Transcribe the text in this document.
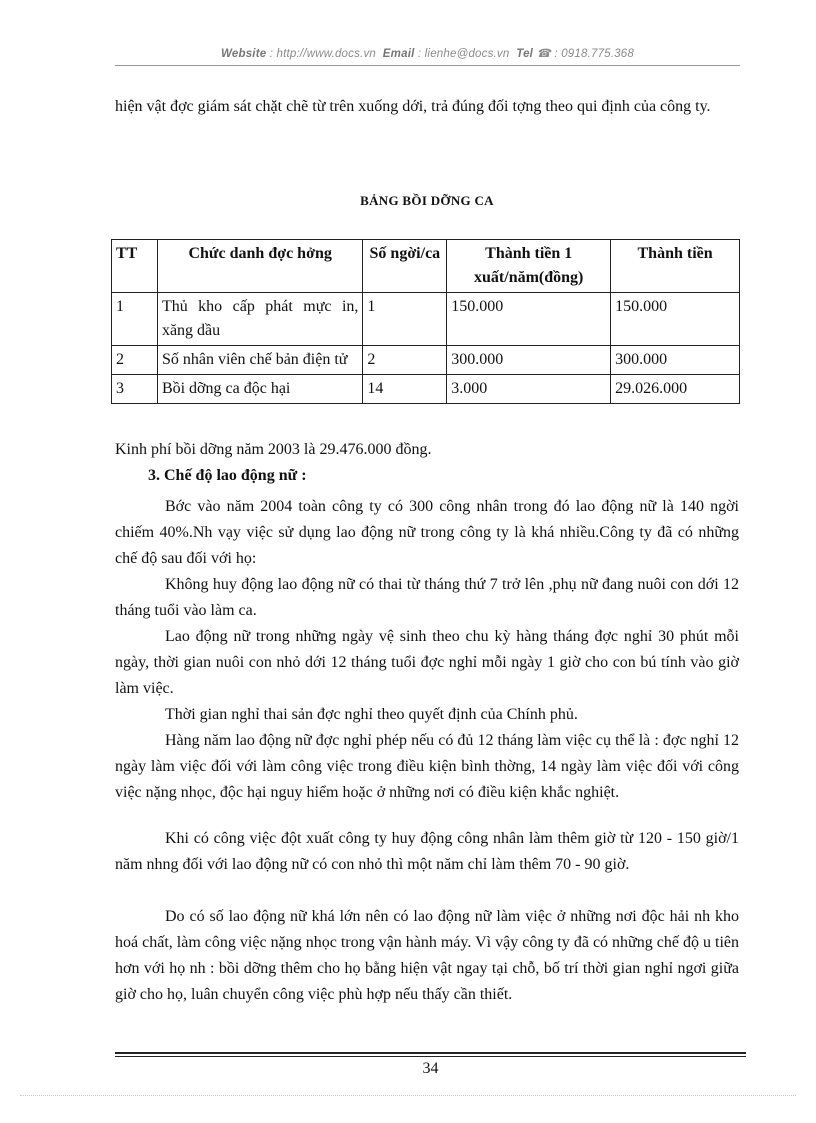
Website : http://www.docs.vn Email : lienhe@docs.vn Tel ☎ : 0918.775.368

hiện vật đợc giám sát chặt chẽ từ trên xuống dới, trả đúng đối tợng theo qui định của công ty.

BẢNG BỒI DỠNG CA
TT	Chức danh đợc hởng	Số ngời/ca	Thành tiền 1 xuất/năm(đồng)	Thành tiền
1	Thủ kho cấp phát mực in, xăng dầu	1	150.000	150.000
2	Số nhân viên chế bản điện tử	2	300.000	300.000
3	Bồi dỡng ca độc hại	14	3.000	29.026.000

Kinh phí bồi dỡng năm 2003 là 29.476.000 đồng.

3. Chế độ lao động nữ :

Bớc vào năm 2004 toàn công ty có 300 công nhân trong đó lao động nữ là 140 ngời chiếm 40%.Nh vạy việc sử dụng lao động nữ trong công ty là khá nhiều.Công ty đã có những chế độ sau đối với họ:

Không huy động lao động nữ có thai từ tháng thứ 7 trở lên ,phụ nữ đang nuôi con dới 12 tháng tuổi vào làm ca.

Lao động nữ trong những ngày vệ sinh theo chu kỳ hàng tháng đợc nghỉ 30 phút mỗi ngày, thời gian nuôi con nhỏ dới 12 tháng tuổi đợc nghỉ mỗi ngày 1 giờ cho con bú tính vào giờ làm việc.

Thời gian nghỉ thai sản đợc nghỉ theo quyết định của Chính phủ.

Hàng năm lao động nữ đợc nghỉ phép nếu có đủ 12 tháng làm việc cụ thể là : đợc nghỉ 12 ngày làm việc đối với làm công việc trong điều kiện bình thờng, 14 ngày làm việc đối với công việc nặng nhọc, độc hại nguy hiểm hoặc ở những nơi có điều kiện khắc nghiệt.

Khi có công việc đột xuất công ty huy động công nhân làm thêm giờ từ 120 - 150 giờ/1 năm nhng đối với lao động nữ có con nhỏ thì một năm chỉ làm thêm 70 - 90 giờ.

Do có số lao động nữ khá lớn nên có lao động nữ làm việc ở những nơi độc hải nh kho hoá chất, làm công việc nặng nhọc trong vận hành máy. Vì vậy công ty đã có những chế độ u tiên hơn với họ nh : bồi dỡng thêm cho họ bằng hiện vật ngay tại chỗ, bố trí thời gian nghỉ ngơi giữa giờ cho họ, luân chuyển công việc phù hợp nếu thấy cần thiết.

34
